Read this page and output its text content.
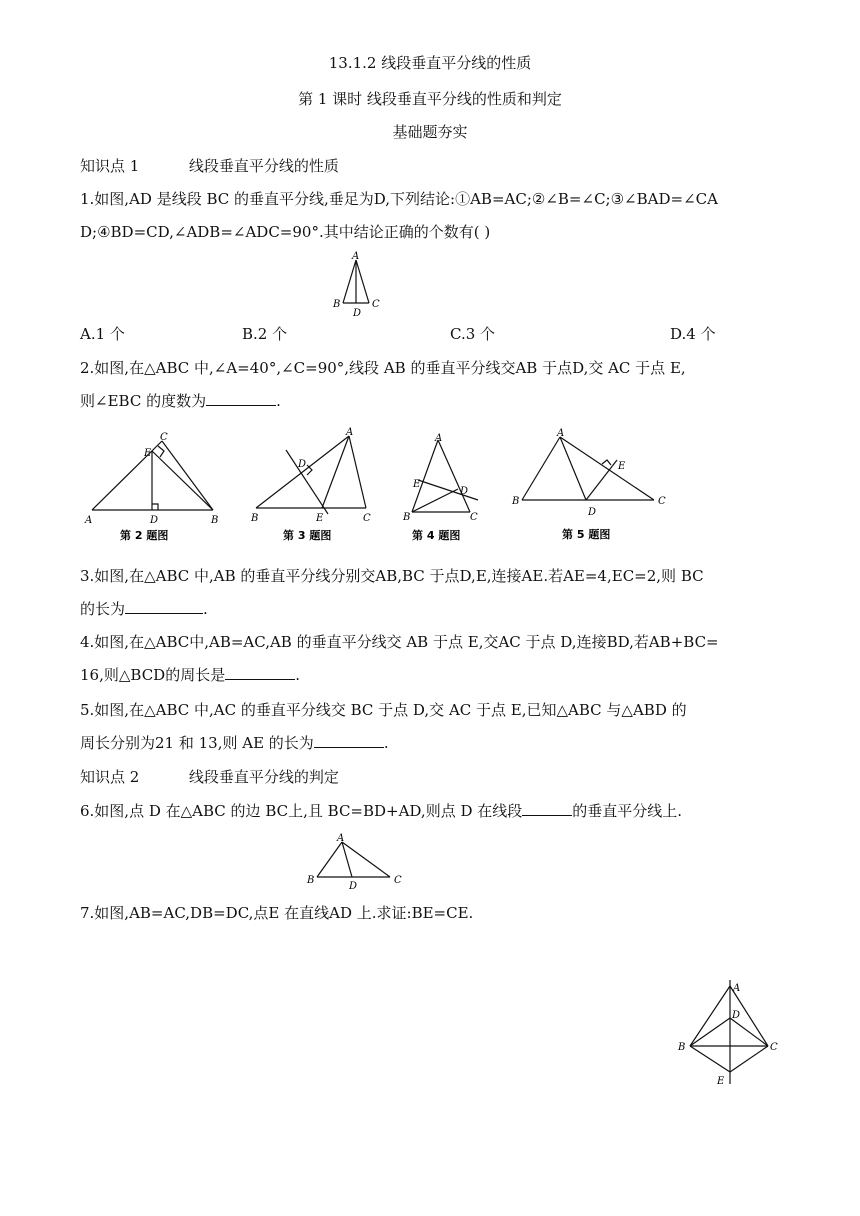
13.1.2 线段垂直平分线的性质
第 1 课时 线段垂直平分线的性质和判定
基础题夯实
知识点 1	线段垂直平分线的性质
1.如图,AD 是线段 BC 的垂直平分线,垂足为D,下列结论:①AB=AC;②∠B=∠C;③∠BAD=∠CA
D;④BD=CD,∠ADB=∠ADC=90°.其中结论正确的个数有( )
A
B	C
D
A.1 个	B.2 个	C.3 个	D.4 个
2.如图,在△ABC 中,∠A=40°,∠C=90°,线段 AB 的垂直平分线交AB 于点D,交 AC 于点 E,
则∠EBC 的度数为	.
A	D	B
E
C
第 2 题图
A
D
B	E	C
第 3 题图
A
E
D
B	C
第 4 题图
A
E
B
D
C
第 5 题图
3.如图,在△ABC 中,AB 的垂直平分线分别交AB,BC 于点D,E,连接AE.若AE=4,EC=2,则 BC
的长为	.
4.如图,在△ABC中,AB=AC,AB 的垂直平分线交 AB 于点 E,交AC 于点 D,连接BD,若AB+BC=
16,则△BCD的周长是	.
5.如图,在△ABC 中,AC 的垂直平分线交 BC 于点 D,交 AC 于点 E,已知△ABC 与△ABD 的
周长分别为21 和 13,则 AE 的长为	.
知识点 2	线段垂直平分线的判定
6.如图,点 D 在△ABC 的边 BC上,且 BC=BD+AD,则点 D 在线段	的垂直平分线上.
A
B
D
C
7.如图,AB=AC,DB=DC,点E 在直线AD 上.求证:BE=CE.
A
D
B	C
E
